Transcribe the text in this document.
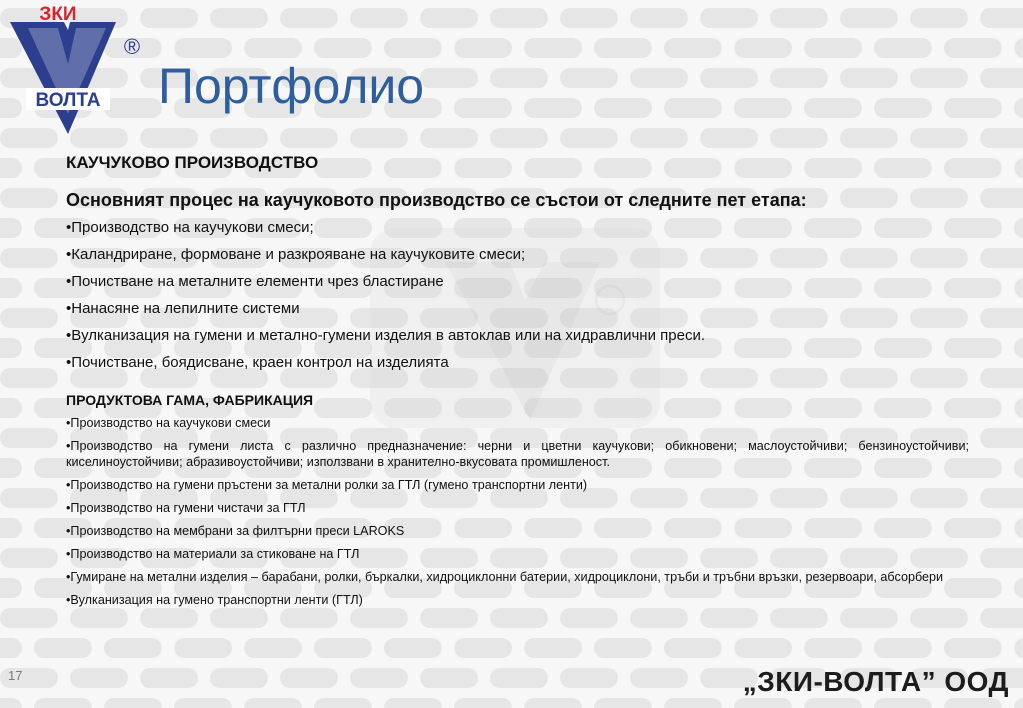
ВОЛТА
ЗКИ
®
Портфолио
КАУЧУКОВО ПРОИЗВОДСТВО
Основният процес на каучуковото производство се състои от следните пет етапа:
•Производство на каучукови смеси;
•Каландриране, формоване и разкрояване на каучуковите смеси;
•Почистване на металните елементи чрез бластиране
•Нанасяне на лепилните системи
•Вулканизация на гумени и метално-гумени изделия в автоклав или на хидравлични преси.
•Почистване, боядисване, краен контрол на изделията
ПРОДУКТОВА ГАМА, ФАБРИКАЦИЯ
•Производство на каучукови смеси
•Производство на гумени листа с различно предназначение: черни и цветни каучукови; обикновени; маслоустойчиви; бензиноустойчиви; киселиноустойчиви; абразивоустойчиви; използвани в хранително-вкусовата промишленост.
•Производство на гумени пръстени за метални ролки за ГТЛ (гумено транспортни ленти)
•Производство на гумени чистачи за ГТЛ
•Производство на мембрани за филтърни преси LAROKS
•Производство на материали за стиковане на ГТЛ
•Гумиране на метални изделия – барабани, ролки, бъркалки, хидроциклонни батерии, хидроциклони, тръби и тръбни връзки, резервоари, абсорбери
•Вулканизация на гумено транспортни ленти (ГТЛ)
17	„ЗКИ-ВОЛТА” ООД
